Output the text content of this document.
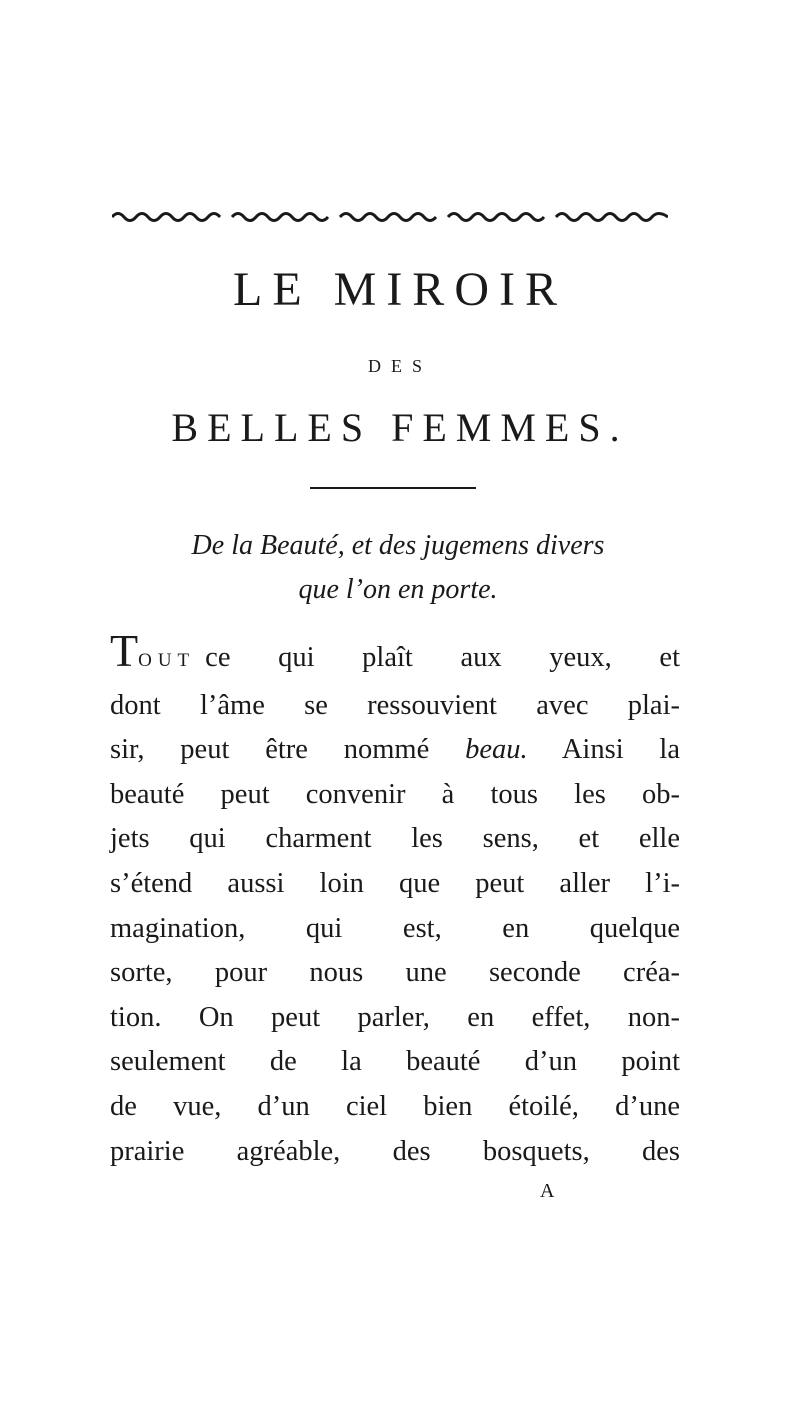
LE MIROIR
DES
BELLES FEMMES.
De la Beauté, et des jugemens divers
que l’on en porte.
TOUT ce qui plaît aux yeux, et
dont l’âme se ressouvient avec plai-
sir, peut être nommé beau. Ainsi la
beauté peut convenir à tous les ob-
jets qui charment les sens, et elle
s’étend aussi loin que peut aller l’i-
magination, qui est, en quelque
sorte, pour nous une seconde créa-
tion. On peut parler, en effet, non-
seulement de la beauté d’un point
de vue, d’un ciel bien étoilé, d’une
prairie agréable, des bosquets, des
A
